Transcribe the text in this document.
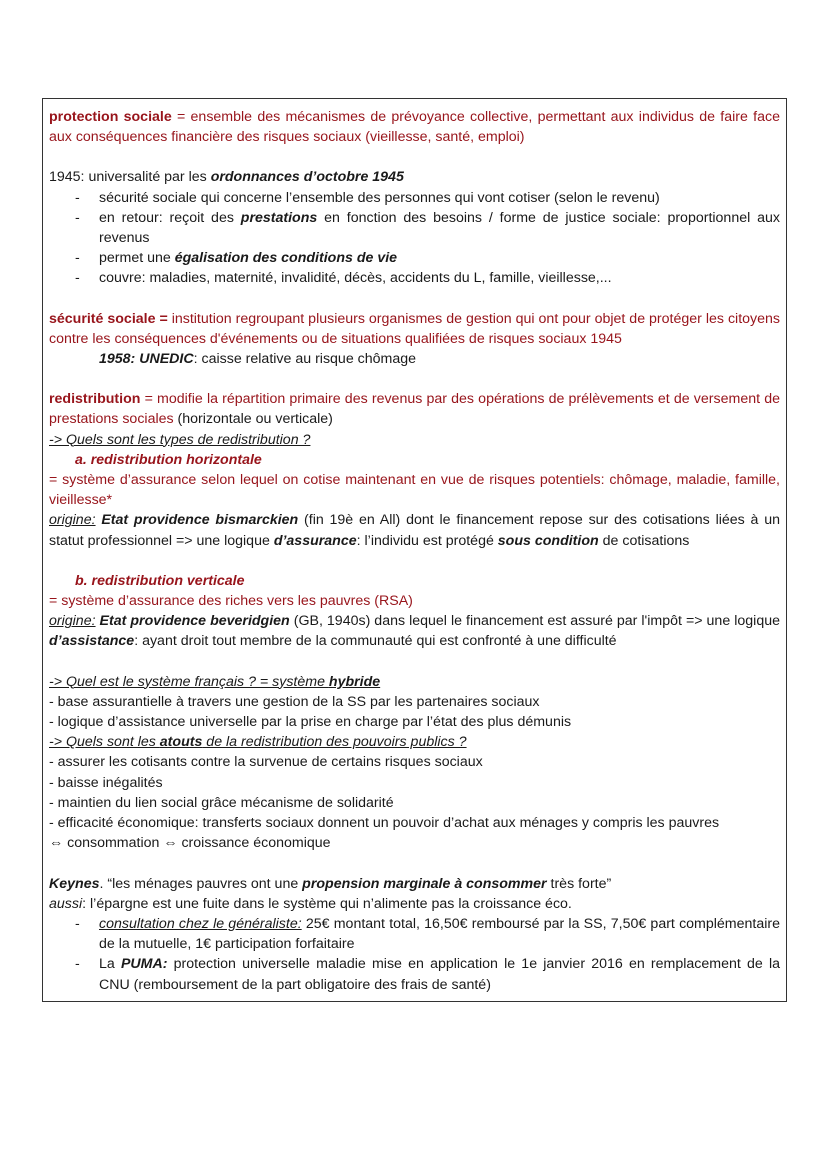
protection sociale = ensemble des mécanismes de prévoyance collective, permettant aux individus de faire face aux conséquences financière des risques sociaux (vieillesse, santé, emploi)

1945: universalité par les ordonnances d’octobre 1945

- sécurité sociale qui concerne l’ensemble des personnes qui vont cotiser (selon le revenu)
- en retour: reçoit des prestations en fonction des besoins / forme de justice sociale: proportionnel aux revenus
- permet une égalisation des conditions de vie
- couvre: maladies, maternité, invalidité, décès, accidents du L, famille, vieillesse,...

sécurité sociale = institution regroupant plusieurs organismes de gestion qui ont pour objet de protéger les citoyens contre les conséquences d'événements ou de situations qualifiées de risques sociaux 1945

1958: UNEDIC: caisse relative au risque chômage

redistribution = modifie la répartition primaire des revenus par des opérations de prélèvements et de versement de prestations sociales (horizontale ou verticale)

-> Quels sont les types de redistribution ?

a. redistribution horizontale

= système d’assurance selon lequel on cotise maintenant en vue de risques potentiels: chômage, maladie, famille, vieillesse*

origine: Etat providence bismarckien (fin 19è en All) dont le financement repose sur des cotisations liées à un statut professionnel => une logique d’assurance: l’individu est protégé sous condition de cotisations

b. redistribution verticale

= système d’assurance des riches vers les pauvres (RSA)

origine: Etat providence beveridgien (GB, 1940s) dans lequel le financement est assuré par l'impôt => une logique d’assistance: ayant droit tout membre de la communauté qui est confronté à une difficulté

-> Quel est le système français ? = système hybride

- base assurantielle à travers une gestion de la SS par les partenaires sociaux

- logique d’assistance universelle par la prise en charge par l’état des plus démunis

-> Quels sont les atouts de la redistribution des pouvoirs publics ?

- assurer les cotisants contre la survenue de certains risques sociaux

- baisse inégalités

- maintien du lien social grâce mécanisme de solidarité

- efficacité économique: transferts sociaux donnent un pouvoir d’achat aux ménages y compris les pauvres

⇔ consommation ⇔ croissance économique

Keynes. “les ménages pauvres ont une propension marginale à consommer très forte”

aussi: l’épargne est une fuite dans le système qui n’alimente pas la croissance éco.

- consultation chez le généraliste: 25€ montant total, 16,50€ remboursé par la SS, 7,50€ part complémentaire de la mutuelle, 1€ participation forfaitaire
- La PUMA: protection universelle maladie mise en application le 1e janvier 2016 en remplacement de la CNU (remboursement de la part obligatoire des frais de santé)
